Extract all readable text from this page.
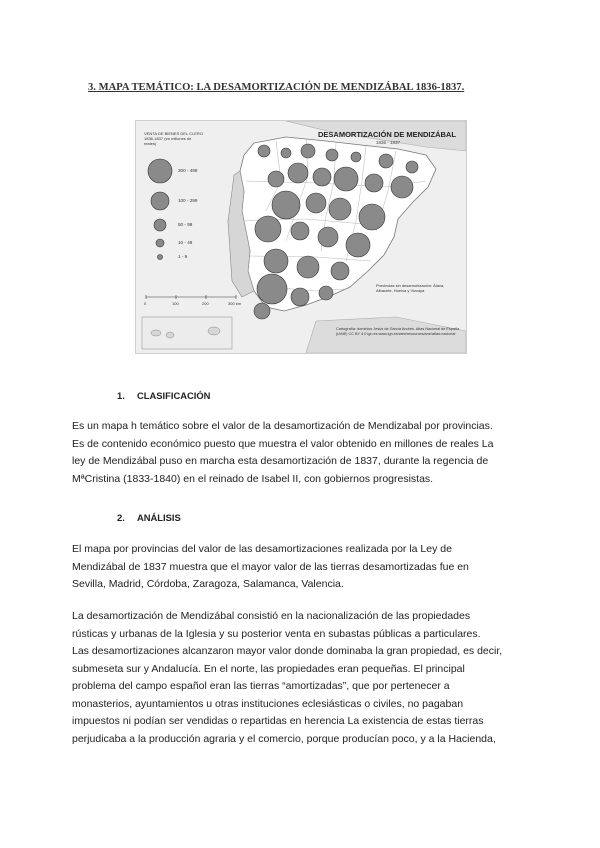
3. MAPA TEMÁTICO: LA DESAMORTIZACIÓN DE MENDIZÁBAL 1836-1837.
DESAMORTIZACIÓN DE MENDIZÁBAL
1836 - 1837
VENTA DE BIENES DEL CLERO 1836-1837 (en millones de reales)
300 - 498
100 - 299
50 - 99
10 - 49
1 - 9
0	100	200	300 km
Provincias sin desamortización: Álava, Albacete, Huelva y Vizcaya
Cartografía: dominios Jesús de García Andrés. Atlas Nacional de España (IANE) CC BY 4.0 ign.es www.ign.es/web/resources/ane/atlas-nacional
1. CLASIFICACIÓN

Es un mapa h temático sobre el valor de la desamortización de Mendizabal por provincias.
Es de contenido económico puesto que muestra el valor obtenido en millones de reales La
ley de Mendizábal puso en marcha esta desamortización de 1837, durante la regencia de
MªCristina (1833-1840) en el reinado de Isabel II, con gobiernos progresistas.

2. ANÁLISIS

El mapa por provincias del valor de las desamortizaciones realizada por la Ley de
Mendizábal de 1837 muestra que el mayor valor de las tierras desamortizadas fue en
Sevilla, Madrid, Córdoba, Zaragoza, Salamanca, Valencia.

La desamortización de Mendizábal consistió en la nacionalización de las propiedades
rústicas y urbanas de la Iglesia y su posterior venta en subastas públicas a particulares.
Las desamortizaciones alcanzaron mayor valor donde dominaba la gran propiedad, es decir,
submeseta sur y Andalucía. En el norte, las propiedades eran pequeñas. El principal
problema del campo español eran las tierras “amortizadas”, que por pertenecer a
monasterios, ayuntamientos u otras instituciones eclesiásticas o civiles, no pagaban
impuestos ni podían ser vendidas o repartidas en herencia La existencia de estas tierras
perjudicaba a la producción agraria y el comercio, porque producían poco, y a la Hacienda,
